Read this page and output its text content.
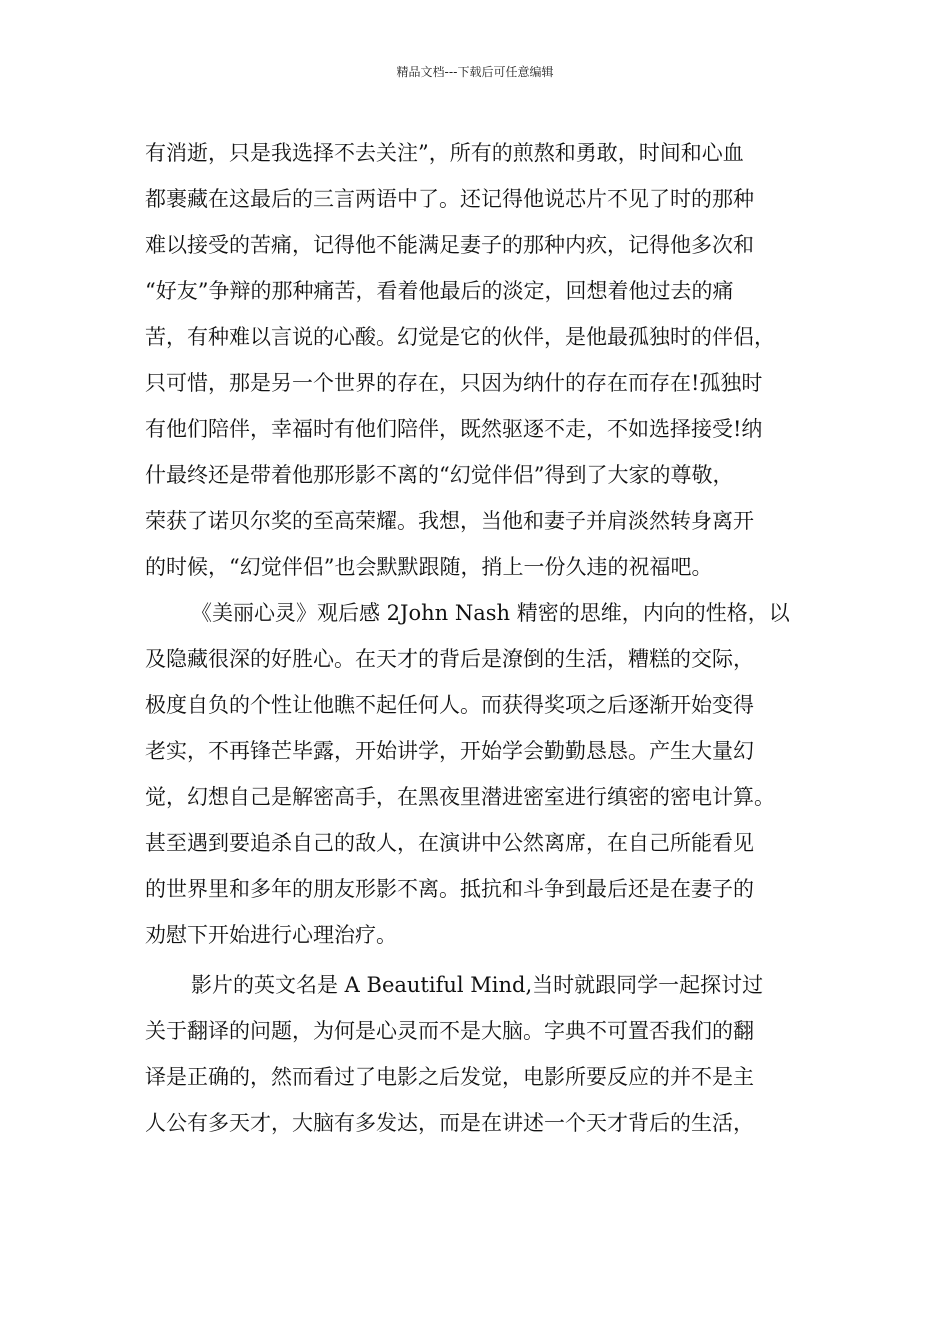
精品文档---下载后可任意编辑
有消逝，只是我选择不去关注”，所有的煎熬和勇敢，时间和心血
都裹藏在这最后的三言两语中了。还记得他说芯片不见了时的那种
难以接受的苦痛，记得他不能满足妻子的那种内疚，记得他多次和
“好友”争辩的那种痛苦，看着他最后的淡定，回想着他过去的痛
苦，有种难以言说的心酸。幻觉是它的伙伴，是他最孤独时的伴侣，
只可惜，那是另一个世界的存在，只因为纳什的存在而存在!孤独时
有他们陪伴，幸福时有他们陪伴，既然驱逐不走，不如选择接受!纳
什最终还是带着他那形影不离的“幻觉伴侣”得到了大家的尊敬，
荣获了诺贝尔奖的至高荣耀。我想，当他和妻子并肩淡然转身离开
的时候，“幻觉伴侣”也会默默跟随，捎上一份久违的祝福吧。
《美丽心灵》观后感 2John Nash 精密的思维，内向的性格，以
及隐藏很深的好胜心。在天才的背后是潦倒的生活，糟糕的交际，
极度自负的个性让他瞧不起任何人。而获得奖项之后逐渐开始变得
老实，不再锋芒毕露，开始讲学，开始学会勤勤恳恳。产生大量幻
觉，幻想自己是解密高手，在黑夜里潜进密室进行缜密的密电计算。
甚至遇到要追杀自己的敌人，在演讲中公然离席，在自己所能看见
的世界里和多年的朋友形影不离。抵抗和斗争到最后还是在妻子的
劝慰下开始进行心理治疗。
影片的英文名是 A Beautiful Mind,当时就跟同学一起探讨过
关于翻译的问题，为何是心灵而不是大脑。字典不可置否我们的翻
译是正确的，然而看过了电影之后发觉，电影所要反应的并不是主
人公有多天才，大脑有多发达，而是在讲述一个天才背后的生活，
